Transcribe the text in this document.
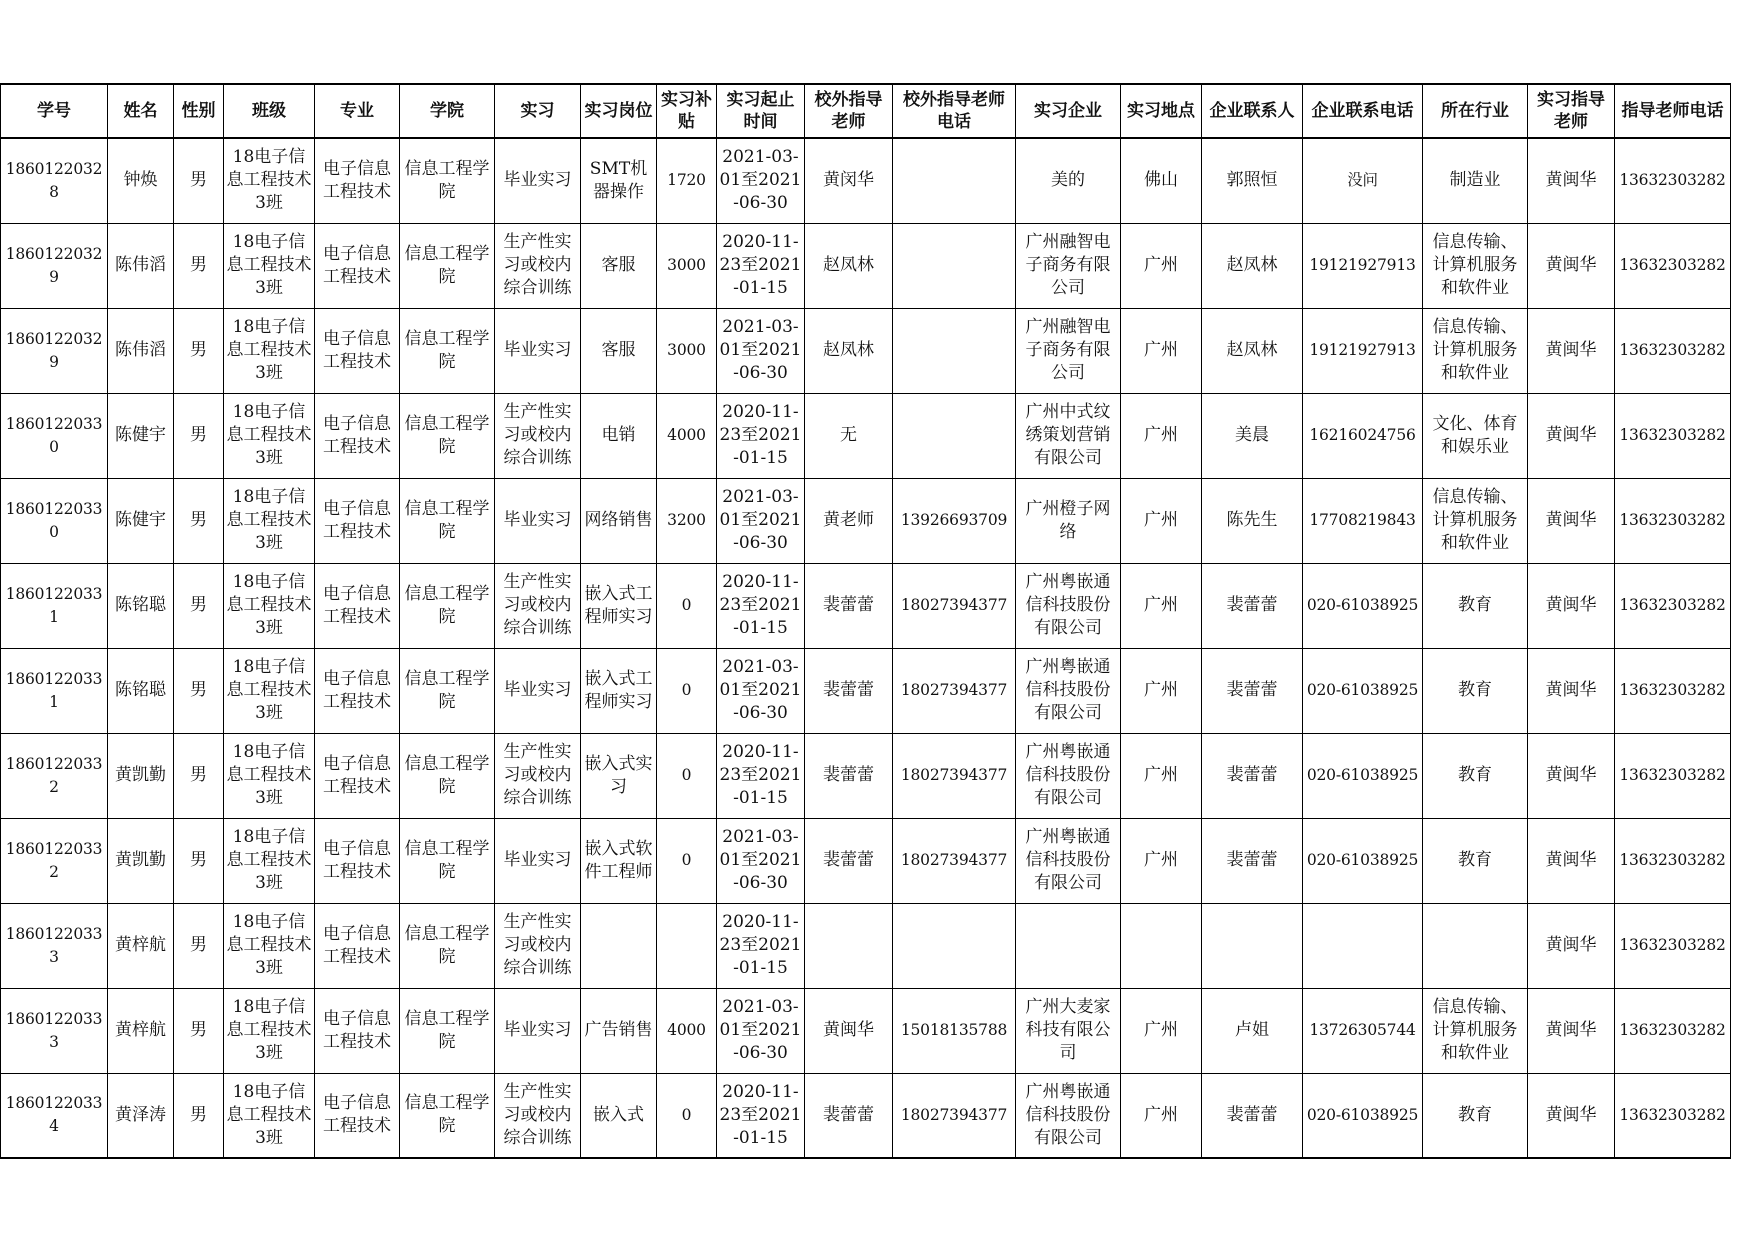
学号	姓名	性别	班级	专业	学院	实习	实习岗位	实习补贴	实习起止时间	校外指导老师	校外指导老师电话	实习企业	实习地点	企业联系人	企业联系电话	所在行业	实习指导老师	指导老师电话

18601220328	钟焕	男	18电子信息工程技术3班	电子信息工程技术	信息工程学院	毕业实习	SMT机器操作	1720	2021-03-01至2021-06-30	黄闵华		美的	佛山	郭照恒	没问	制造业	黄闽华	13632303282

18601220329	陈伟滔	男	18电子信息工程技术3班	电子信息工程技术	信息工程学院	生产性实习或校内综合训练	客服	3000	2020-11-23至2021-01-15	赵凤林		广州融智电子商务有限公司	广州	赵凤林	19121927913	信息传输、计算机服务和软件业	黄闽华	13632303282

18601220329	陈伟滔	男	18电子信息工程技术3班	电子信息工程技术	信息工程学院	毕业实习	客服	3000	2021-03-01至2021-06-30	赵凤林		广州融智电子商务有限公司	广州	赵凤林	19121927913	信息传输、计算机服务和软件业	黄闽华	13632303282

18601220330	陈健宇	男	18电子信息工程技术3班	电子信息工程技术	信息工程学院	生产性实习或校内综合训练	电销	4000	2020-11-23至2021-01-15	无		广州中式纹绣策划营销有限公司	广州	美晨	16216024756	文化、体育和娱乐业	黄闽华	13632303282

18601220330	陈健宇	男	18电子信息工程技术3班	电子信息工程技术	信息工程学院	毕业实习	网络销售	3200	2021-03-01至2021-06-30	黄老师	13926693709	广州橙子网络	广州	陈先生	17708219843	信息传输、计算机服务和软件业	黄闽华	13632303282

18601220331	陈铭聪	男	18电子信息工程技术3班	电子信息工程技术	信息工程学院	生产性实习或校内综合训练	嵌入式工程师实习	0	2020-11-23至2021-01-15	裴蕾蕾	18027394377	广州粤嵌通信科技股份有限公司	广州	裴蕾蕾	020-61038925	教育	黄闽华	13632303282

18601220331	陈铭聪	男	18电子信息工程技术3班	电子信息工程技术	信息工程学院	毕业实习	嵌入式工程师实习	0	2021-03-01至2021-06-30	裴蕾蕾	18027394377	广州粤嵌通信科技股份有限公司	广州	裴蕾蕾	020-61038925	教育	黄闽华	13632303282

18601220332	黄凯勤	男	18电子信息工程技术3班	电子信息工程技术	信息工程学院	生产性实习或校内综合训练	嵌入式实习	0	2020-11-23至2021-01-15	裴蕾蕾	18027394377	广州粤嵌通信科技股份有限公司	广州	裴蕾蕾	020-61038925	教育	黄闽华	13632303282

18601220332	黄凯勤	男	18电子信息工程技术3班	电子信息工程技术	信息工程学院	毕业实习	嵌入式软件工程师	0	2021-03-01至2021-06-30	裴蕾蕾	18027394377	广州粤嵌通信科技股份有限公司	广州	裴蕾蕾	020-61038925	教育	黄闽华	13632303282

18601220333	黄梓航	男	18电子信息工程技术3班	电子信息工程技术	信息工程学院	生产性实习或校内综合训练			2020-11-23至2021-01-15								黄闽华	13632303282

18601220333	黄梓航	男	18电子信息工程技术3班	电子信息工程技术	信息工程学院	毕业实习	广告销售	4000	2021-03-01至2021-06-30	黄闽华	15018135788	广州大麦家科技有限公司	广州	卢姐	13726305744	信息传输、计算机服务和软件业	黄闽华	13632303282

18601220334	黄泽涛	男	18电子信息工程技术3班	电子信息工程技术	信息工程学院	生产性实习或校内综合训练	嵌入式	0	2020-11-23至2021-01-15	裴蕾蕾	18027394377	广州粤嵌通信科技股份有限公司	广州	裴蕾蕾	020-61038925	教育	黄闽华	13632303282
